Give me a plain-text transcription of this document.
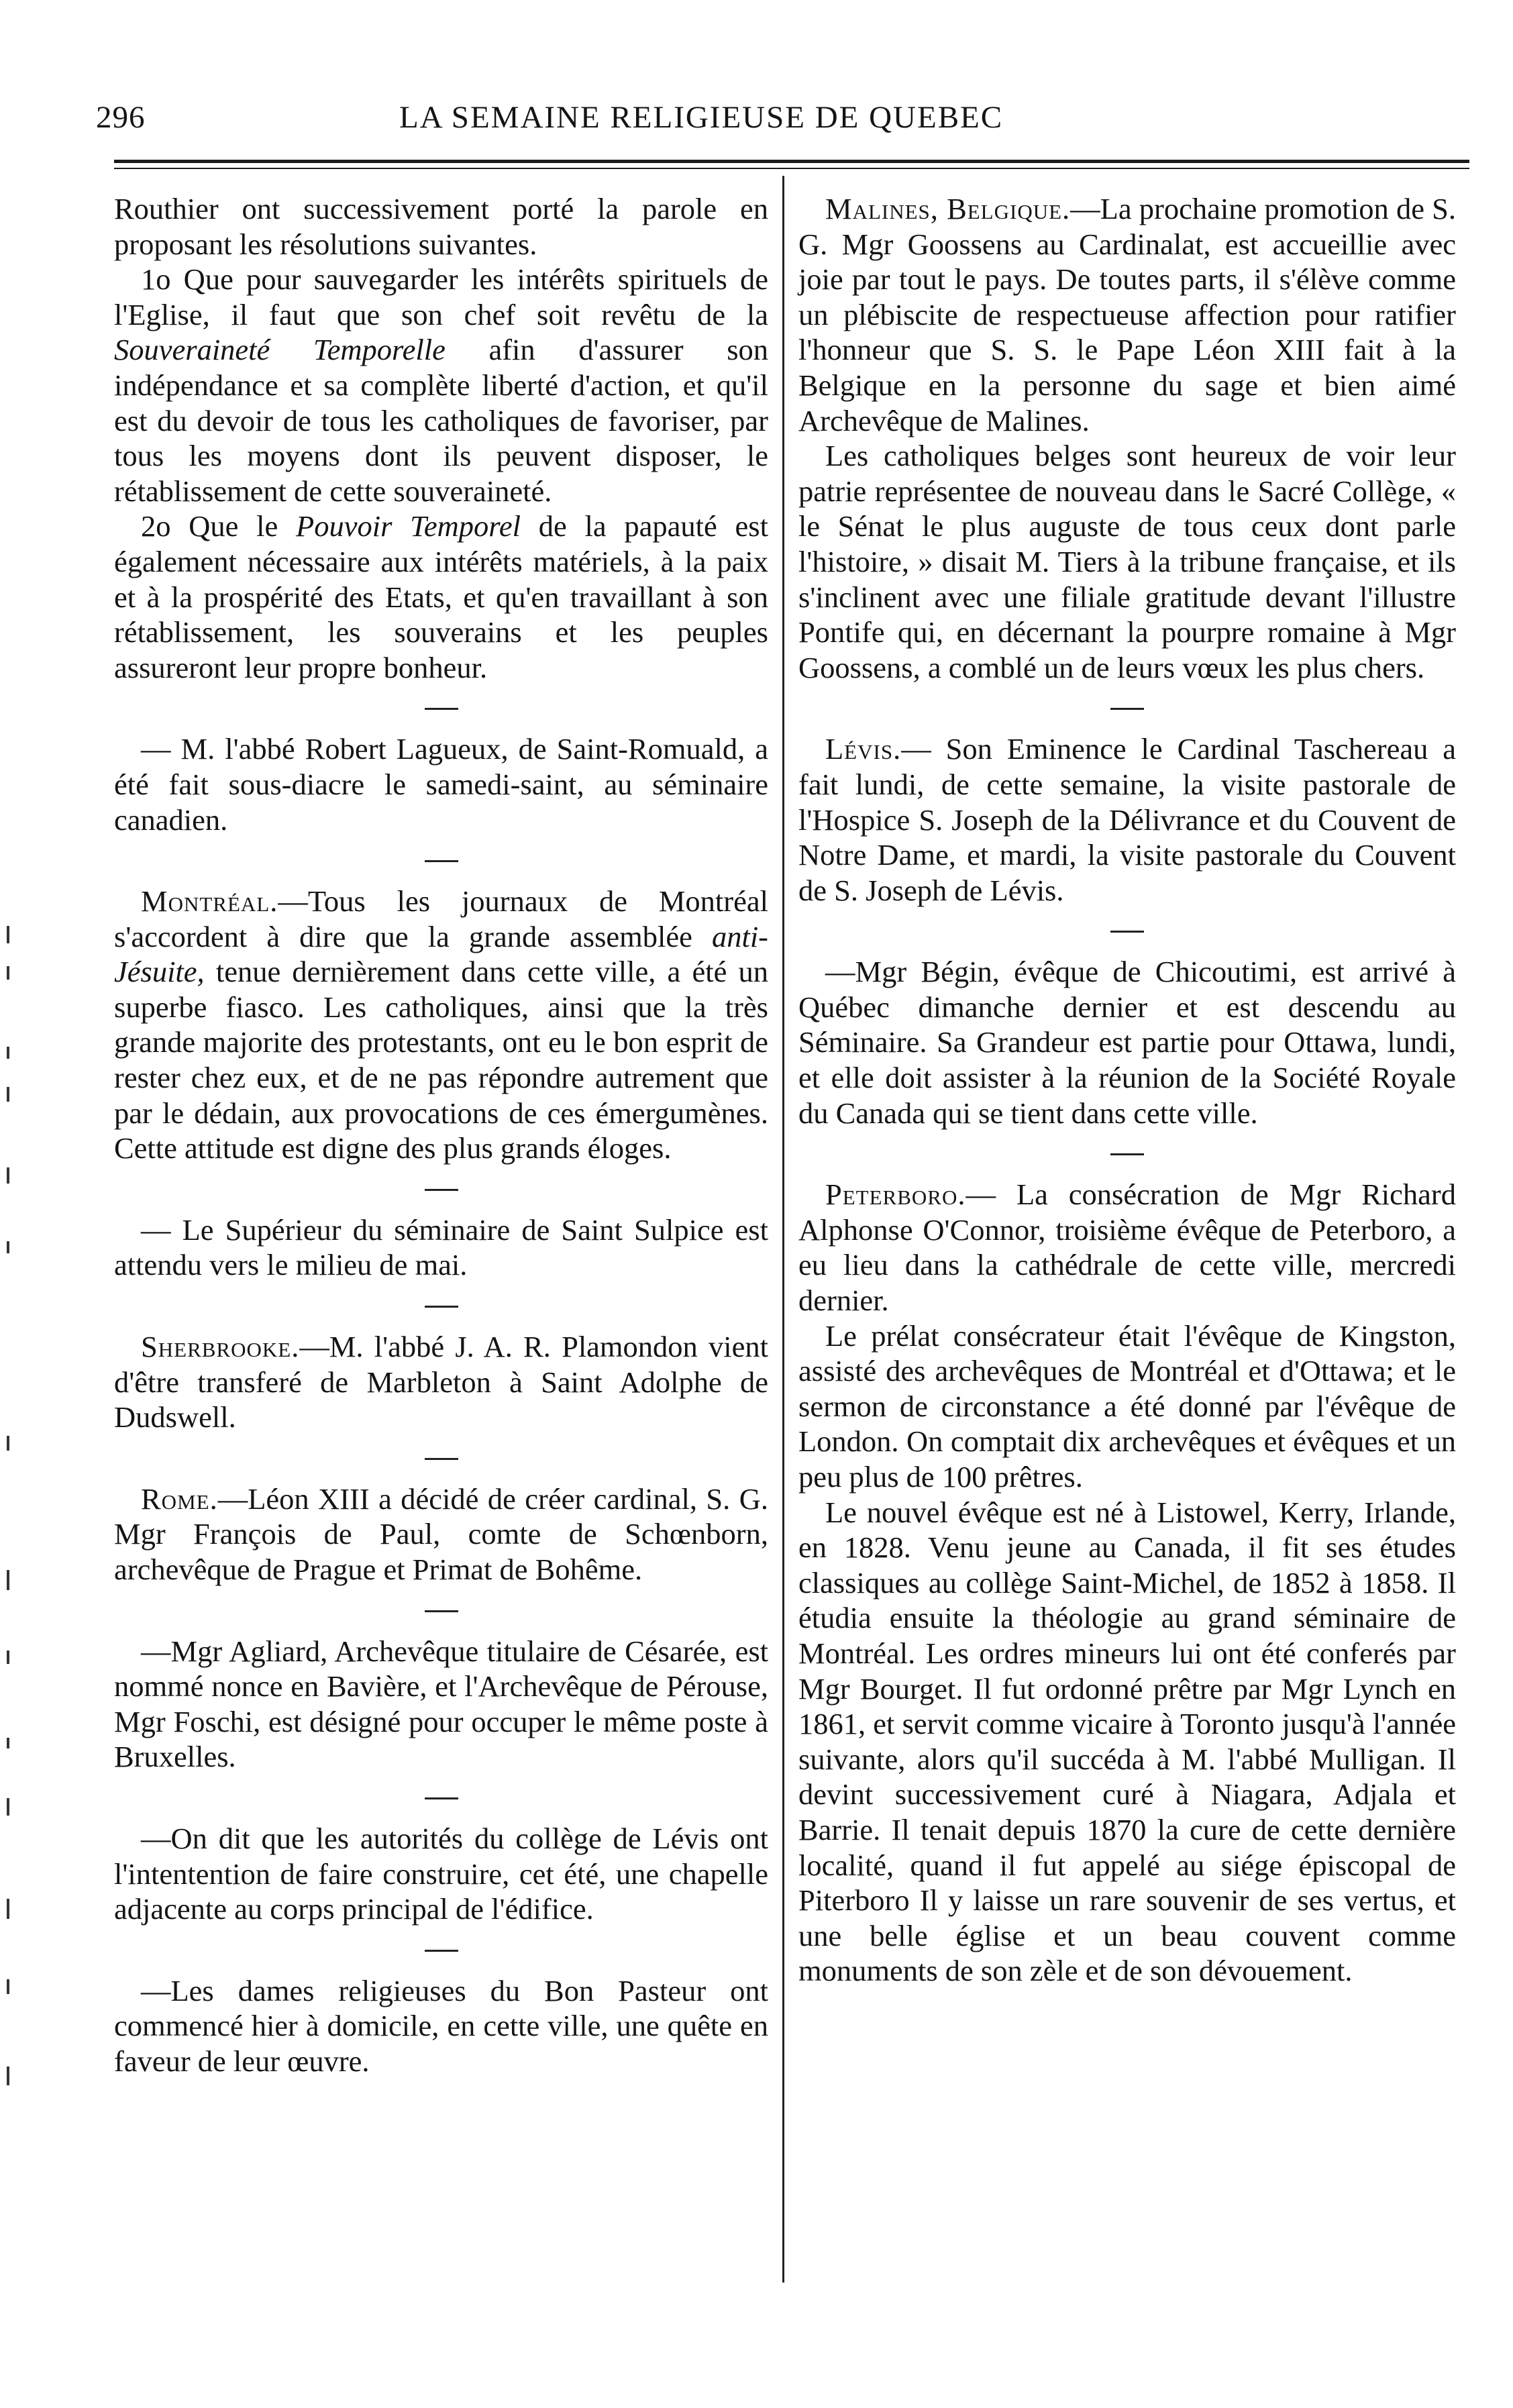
296	LA SEMAINE RELIGIEUSE DE QUEBEC

Routhier ont successivement porté la parole en proposant les résolutions suivantes.

1o Que pour sauvegarder les intérêts spirituels de l'Eglise, il faut que son chef soit revêtu de la Souveraineté Temporelle afin d'assurer son indépendance et sa complète liberté d'action, et qu'il est du devoir de tous les catholiques de favoriser, par tous les moyens dont ils peuvent disposer, le rétablissement de cette souveraineté.

2o Que le Pouvoir Temporel de la papauté est également nécessaire aux intérêts matériels, à la paix et à la prospérité des Etats, et qu'en travaillant à son rétablissement, les souverains et les peuples assureront leur propre bonheur.

— M. l'abbé Robert Lagueux, de Saint-Romuald, a été fait sous-diacre le samedi-saint, au séminaire canadien.

Montréal.—Tous les journaux de Montréal s'accordent à dire que la grande assemblée anti-Jésuite, tenue dernièrement dans cette ville, a été un superbe fiasco. Les catholiques, ainsi que la très grande majorite des protestants, ont eu le bon esprit de rester chez eux, et de ne pas répondre autrement que par le dédain, aux provocations de ces émergumènes. Cette attitude est digne des plus grands éloges.

— Le Supérieur du séminaire de Saint Sulpice est attendu vers le milieu de mai.

Sherbrooke.—M. l'abbé J. A. R. Plamondon vient d'être transferé de Marbleton à Saint Adolphe de Dudswell.

Rome.—Léon XIII a décidé de créer cardinal, S. G. Mgr François de Paul, comte de Schœnborn, archevêque de Prague et Primat de Bohême.

—Mgr Agliard, Archevêque titulaire de Césarée, est nommé nonce en Bavière, et l'Archevêque de Pérouse, Mgr Foschi, est désigné pour occuper le même poste à Bruxelles.

—On dit que les autorités du collège de Lévis ont l'intentention de faire construire, cet été, une chapelle adjacente au corps principal de l'édifice.

—Les dames religieuses du Bon Pasteur ont commencé hier à domicile, en cette ville, une quête en faveur de leur œuvre.

Malines, Belgique.—La prochaine promotion de S. G. Mgr Goossens au Cardinalat, est accueillie avec joie par tout le pays. De toutes parts, il s'élève comme un plébiscite de respectueuse affection pour ratifier l'honneur que S. S. le Pape Léon XIII fait à la Belgique en la personne du sage et bien aimé Archevêque de Malines.

Les catholiques belges sont heureux de voir leur patrie représentee de nouveau dans le Sacré Collège, « le Sénat le plus auguste de tous ceux dont parle l'histoire, » disait M. Tiers à la tribune française, et ils s'inclinent avec une filiale gratitude devant l'illustre Pontife qui, en décernant la pourpre romaine à Mgr Goossens, a comblé un de leurs vœux les plus chers.

Lévis.— Son Eminence le Cardinal Taschereau a fait lundi, de cette semaine, la visite pastorale de l'Hospice S. Joseph de la Délivrance et du Couvent de Notre Dame, et mardi, la visite pastorale du Couvent de S. Joseph de Lévis.

—Mgr Bégin, évêque de Chicoutimi, est arrivé à Québec dimanche dernier et est descendu au Séminaire. Sa Grandeur est partie pour Ottawa, lundi, et elle doit assister à la réunion de la Société Royale du Canada qui se tient dans cette ville.

Peterboro.— La consécration de Mgr Richard Alphonse O'Connor, troisième évêque de Peterboro, a eu lieu dans la cathédrale de cette ville, mercredi dernier.

Le prélat consécrateur était l'évêque de Kingston, assisté des archevêques de Montréal et d'Ottawa; et le sermon de circonstance a été donné par l'évêque de London. On comptait dix archevêques et évêques et un peu plus de 100 prêtres.

Le nouvel évêque est né à Listowel, Kerry, Irlande, en 1828. Venu jeune au Canada, il fit ses études classiques au collège Saint-Michel, de 1852 à 1858. Il étudia ensuite la théologie au grand séminaire de Montréal. Les ordres mineurs lui ont été conferés par Mgr Bourget. Il fut ordonné prêtre par Mgr Lynch en 1861, et servit comme vicaire à Toronto jusqu'à l'année suivante, alors qu'il succéda à M. l'abbé Mulligan. Il devint successivement curé à Niagara, Adjala et Barrie. Il tenait depuis 1870 la cure de cette dernière localité, quand il fut appelé au siége épiscopal de Piterboro Il y laisse un rare souvenir de ses vertus, et une belle église et un beau couvent comme monuments de son zèle et de son dévouement.
